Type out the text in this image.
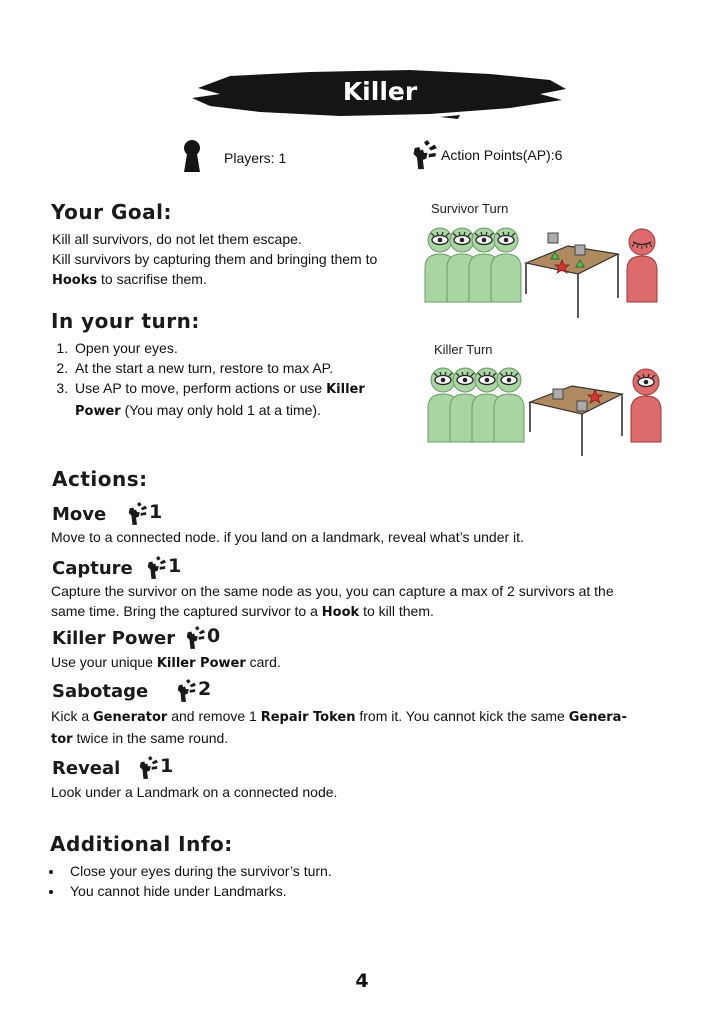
Killer
Players: 1	Action Points(AP):6
Your Goal:
Kill all survivors, do not let them escape.
Kill survivors by capturing them and bringing them to
Hooks to sacrifise them.
In your turn:
1. Open your eyes.
2. At the start a new turn, restore to max AP.
3. Use AP to move, perform actions or use Killer
Power (You may only hold 1 at a time).
Survivor Turn
Killer Turn
Actions:
Move 1
Move to a connected node. if you land on a landmark, reveal what’s under it.
Capture 1
Capture the survivor on the same node as you, you can capture a max of 2 survivors at the
same time. Bring the captured survivor to a Hook to kill them.
Killer Power 0
Use your unique Killer Power card.
Sabotage	2
Kick a Generator and remove 1 Repair Token from it. You cannot kick the same Genera-
tor twice in the same round.
Reveal 1
Look under a Landmark on a connected node.
Additional Info:
• Close your eyes during the survivor’s turn.
• You cannot hide under Landmarks.
4
